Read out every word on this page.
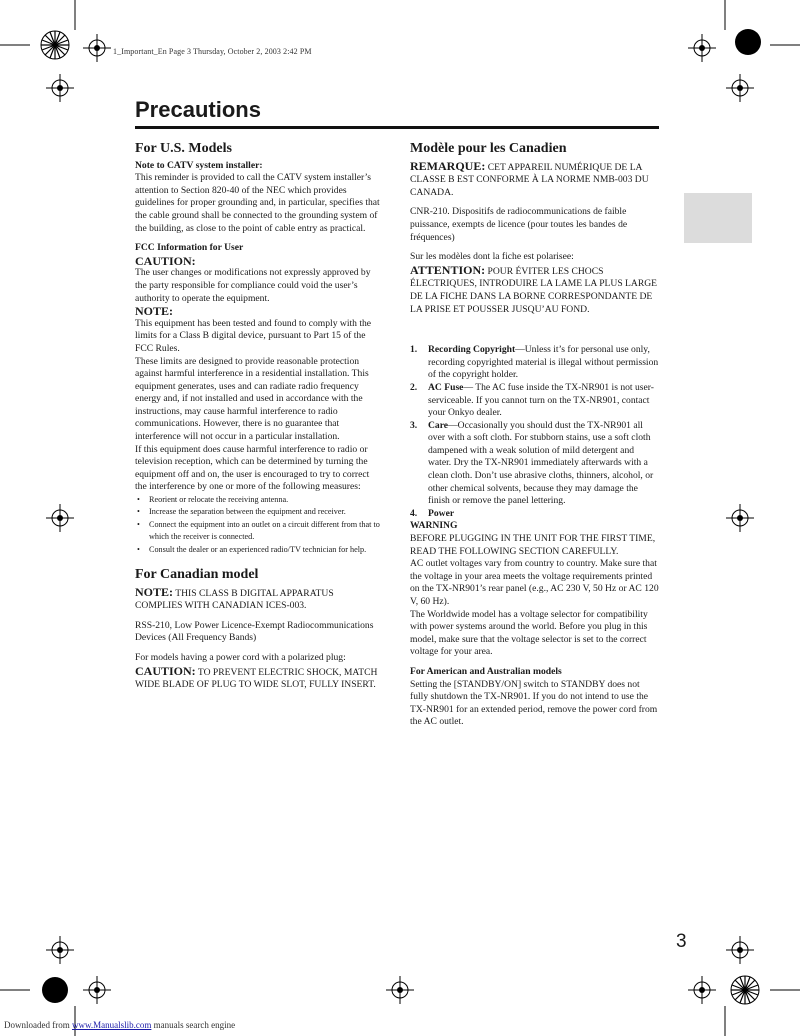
1_Important_En Page 3 Thursday, October 2, 2003 2:42 PM
Precautions
For U.S. Models

Note to CATV system installer:

This reminder is provided to call the CATV system installer’s attention to Section 820-40 of the NEC which provides guidelines for proper grounding and, in particular, specifies that the cable ground shall be connected to the grounding system of the building, as close to the point of cable entry as practical.

FCC Information for User

CAUTION:

The user changes or modifications not expressly approved by the party responsible for compliance could void the user’s authority to operate the equipment.

NOTE:

This equipment has been tested and found to comply with the limits for a Class B digital device, pursuant to Part 15 of the FCC Rules.

These limits are designed to provide reasonable protection against harmful interference in a residential installation. This equipment generates, uses and can radiate radio frequency energy and, if not installed and used in accordance with the instructions, may cause harmful interference to radio communications. However, there is no guarantee that interference will not occur in a particular installation.

If this equipment does cause harmful interference to radio or television reception, which can be determined by turning the equipment off and on, the user is encouraged to try to correct the interference by one or more of the following measures:

• Reorient or relocate the receiving antenna.
• Increase the separation between the equipment and receiver.
• Connect the equipment into an outlet on a circuit different from that to which the receiver is connected.
• Consult the dealer or an experienced radio/TV technician for help.
For Canadian model

NOTE: THIS CLASS B DIGITAL APPARATUS COMPLIES WITH CANADIAN ICES-003.

RSS-210, Low Power Licence-Exempt Radiocommunications Devices (All Frequency Bands)

For models having a power cord with a polarized plug:

CAUTION: TO PREVENT ELECTRIC SHOCK, MATCH WIDE BLADE OF PLUG TO WIDE SLOT, FULLY INSERT.

Modèle pour les Canadien

REMARQUE: CET APPAREIL NUMÉRIQUE DE LA CLASSE B EST CONFORME À LA NORME NMB-003 DU CANADA.

CNR-210. Dispositifs de radiocommunications de faible puissance, exempts de licence (pour toutes les bandes de fréquences)

Sur les modèles dont la fiche est polarisee:

ATTENTION: POUR ÉVITER LES CHOCS ÉLECTRIQUES, INTRODUIRE LA LAME LA PLUS LARGE DE LA FICHE DANS LA BORNE CORRESPONDANTE DE LA PRISE ET POUSSER JUSQU’AU FOND.

1. Recording Copyright—Unless it’s for personal use only, recording copyrighted material is illegal without permission of the copyright holder.
2. AC Fuse— The AC fuse inside the TX-NR901 is not user-serviceable. If you cannot turn on the TX-NR901, contact your Onkyo dealer.
3. Care—Occasionally you should dust the TX-NR901 all over with a soft cloth. For stubborn stains, use a soft cloth dampened with a weak solution of mild detergent and water. Dry the TX-NR901 immediately afterwards with a clean cloth. Don’t use abrasive cloths, thinners, alcohol, or other chemical solvents, because they may damage the finish or remove the panel lettering.
4. Power

WARNING

BEFORE PLUGGING IN THE UNIT FOR THE FIRST TIME, READ THE FOLLOWING SECTION CAREFULLY.

AC outlet voltages vary from country to country. Make sure that the voltage in your area meets the voltage requirements printed on the TX-NR901’s rear panel (e.g., AC 230 V, 50 Hz or AC 120 V, 60 Hz).

The Worldwide model has a voltage selector for compatibility with power systems around the world. Before you plug in this model, make sure that the voltage selector is set to the correct voltage for your area.

For American and Australian models

Setting the [STANDBY/ON] switch to STANDBY does not fully shutdown the TX-NR901. If you do not intend to use the TX-NR901 for an extended period, remove the power cord from the AC outlet.

3
Downloaded from www.Manualslib.com manuals search engine
